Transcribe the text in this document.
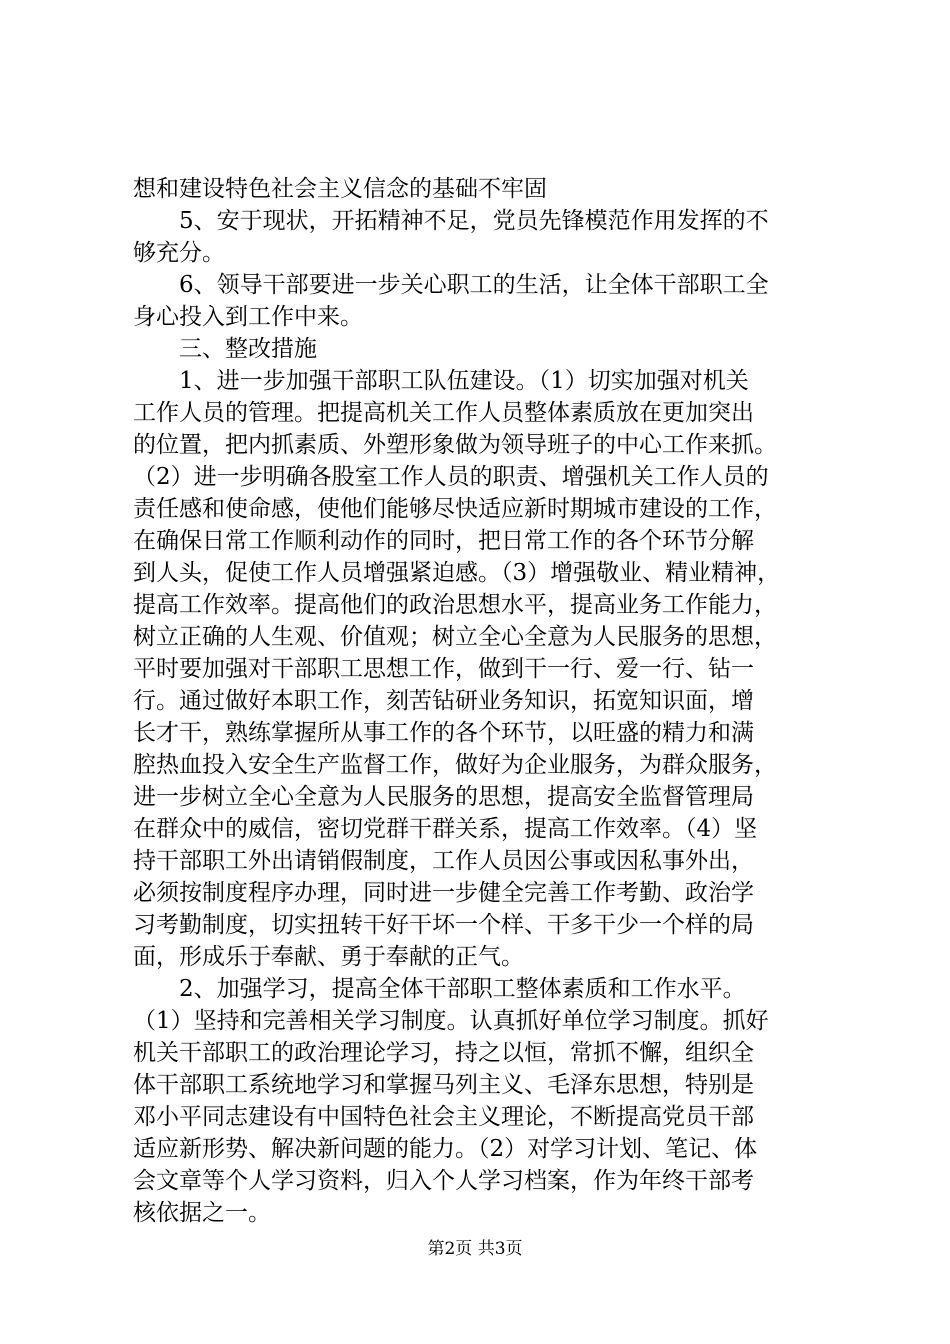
想和建设特色社会主义信念的基础不牢固
5、安于现状，开拓精神不足，党员先锋模范作用发挥的不
够充分。
6、领导干部要进一步关心职工的生活，让全体干部职工全
身心投入到工作中来。
三、整改措施
1、进一步加强干部职工队伍建设。（1）切实加强对机关
工作人员的管理。把提高机关工作人员整体素质放在更加突出
的位置，把内抓素质、外塑形象做为领导班子的中心工作来抓。
（2）进一步明确各股室工作人员的职责、增强机关工作人员的
责任感和使命感，使他们能够尽快适应新时期城市建设的工作，
在确保日常工作顺利动作的同时，把日常工作的各个环节分解
到人头，促使工作人员增强紧迫感。（3）增强敬业、精业精神，
提高工作效率。提高他们的政治思想水平，提高业务工作能力，
树立正确的人生观、价值观；树立全心全意为人民服务的思想，
平时要加强对干部职工思想工作，做到干一行、爱一行、钻一
行。通过做好本职工作，刻苦钻研业务知识，拓宽知识面，增
长才干，熟练掌握所从事工作的各个环节，以旺盛的精力和满
腔热血投入安全生产监督工作，做好为企业服务，为群众服务，
进一步树立全心全意为人民服务的思想，提高安全监督管理局
在群众中的威信，密切党群干群关系，提高工作效率。（4）坚
持干部职工外出请销假制度，工作人员因公事或因私事外出，
必须按制度程序办理，同时进一步健全完善工作考勤、政治学
习考勤制度，切实扭转干好干坏一个样、干多干少一个样的局
面，形成乐于奉献、勇于奉献的正气。
2、加强学习，提高全体干部职工整体素质和工作水平。
（1）坚持和完善相关学习制度。认真抓好单位学习制度。抓好
机关干部职工的政治理论学习，持之以恒，常抓不懈，组织全
体干部职工系统地学习和掌握马列主义、毛泽东思想，特别是
邓小平同志建设有中国特色社会主义理论，不断提高党员干部
适应新形势、解决新问题的能力。（2）对学习计划、笔记、体
会文章等个人学习资料，归入个人学习档案，作为年终干部考
核依据之一。
第2页 共3页
